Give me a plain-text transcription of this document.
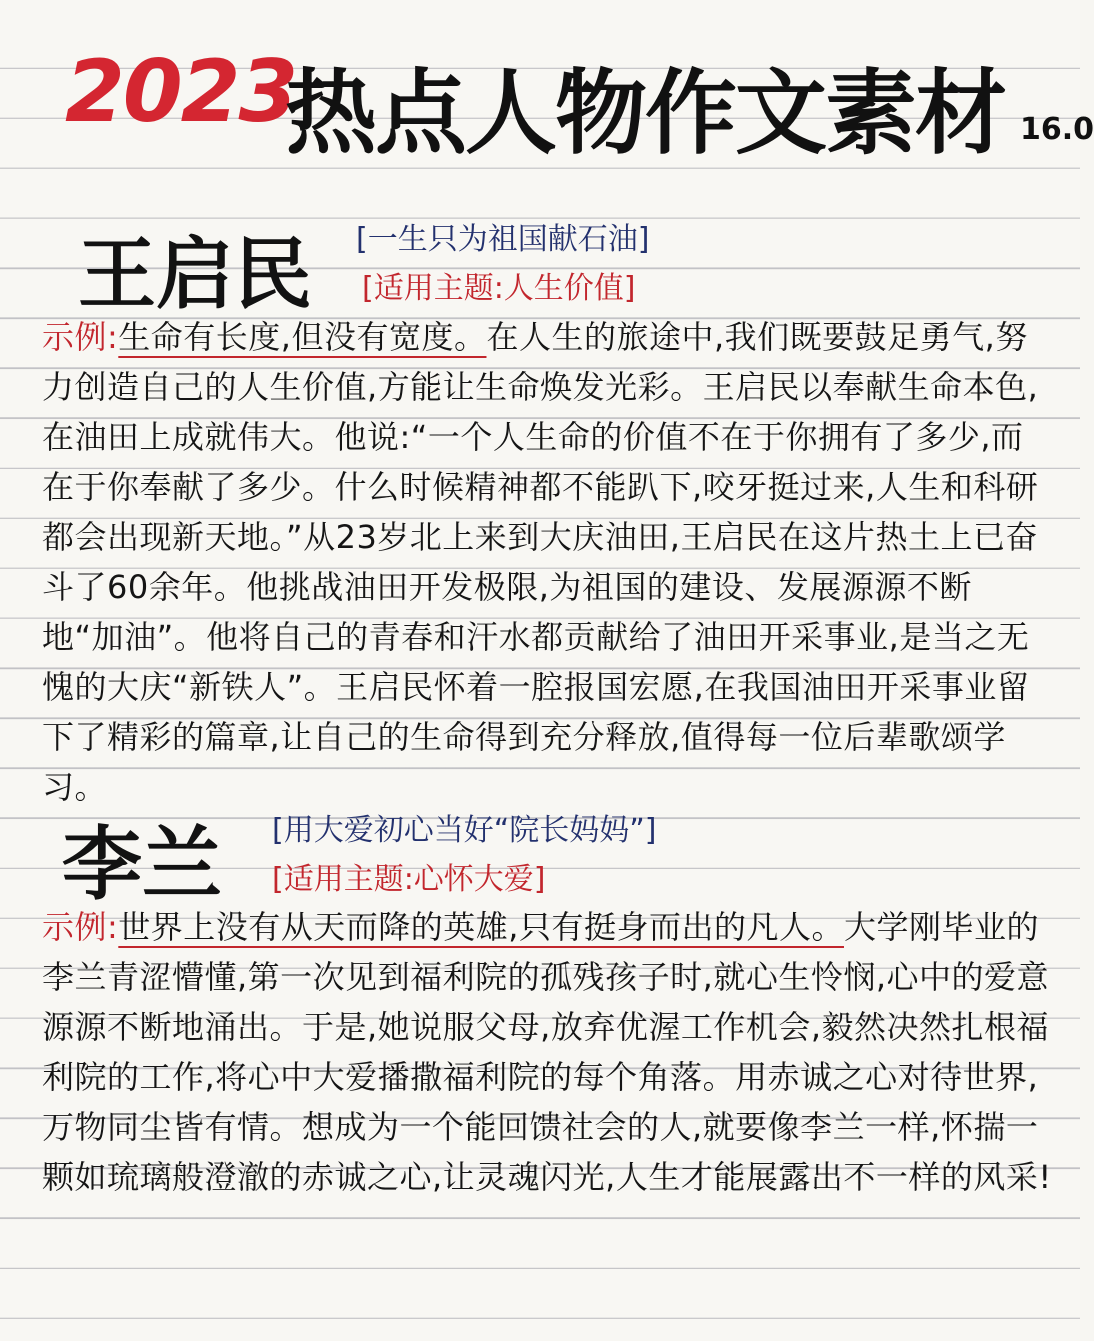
2023
热点人物作文素材 16.0
王启民 [一生只为祖国献石油]
[适用主题:人生价值]
示例:生命有长度,但没有宽度。在人生的旅途中,我们既要鼓足勇气,努力创造自己的人生价值,方能让生命焕发光彩。王启民以奉献生命本色,在油田上成就伟大。他说:“一个人生命的价值不在于你拥有了多少,而在于你奉献了多少。什么时候精神都不能趴下,咬牙挺过来,人生和科研都会出现新天地。”从23岁北上来到大庆油田,王启民在这片热土上已奋斗了60余年。他挑战油田开发极限,为祖国的建设、发展源源不断地“加油”。他将自己的青春和汗水都贡献给了油田开采事业,是当之无愧的大庆“新铁人”。王启民怀着一腔报国宏愿,在我国油田开采事业留下了精彩的篇章,让自己的生命得到充分释放,值得每一位后辈歌颂学习。
李兰 [用大爱初心当好“院长妈妈”]
[适用主题:心怀大爱]
示例:世界上没有从天而降的英雄,只有挺身而出的凡人。大学刚毕业的李兰青涩懵懂,第一次见到福利院的孤残孩子时,就心生怜悯,心中的爱意源源不断地涌出。于是,她说服父母,放弃优渥工作机会,毅然决然扎根福利院的工作,将心中大爱播撒福利院的每个角落。用赤诚之心对待世界,万物同尘皆有情。想成为一个能回馈社会的人,就要像李兰一样,怀揣一颗如琉璃般澄澈的赤诚之心,让灵魂闪光,人生才能展露出不一样的风采!
